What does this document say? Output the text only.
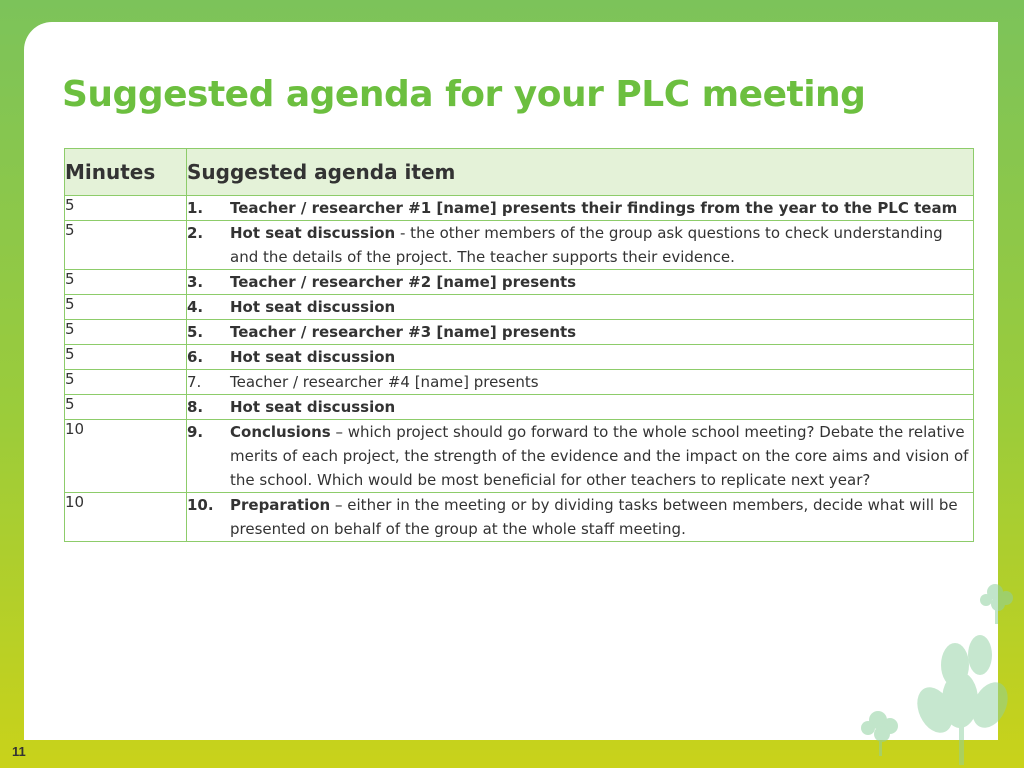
Suggested agenda for your PLC meeting
Minutes	Suggested agenda item
5	1. Teacher / researcher #1 [name] presents their findings from the year to the PLC team

5	2. Hot seat discussion - the other members of the group ask questions to check understanding and the details of the project. The teacher supports their evidence.

5	3. Teacher / researcher #2 [name] presents

5	4. Hot seat discussion

5	5. Teacher / researcher #3 [name] presents

5	6. Hot seat discussion

5	7. Teacher / researcher #4 [name] presents

5	8. Hot seat discussion

10	9. Conclusions – which project should go forward to the whole school meeting? Debate the relative merits of each project, the strength of the evidence and the impact on the core aims and vision of the school. Which would be most beneficial for other teachers to replicate next year?

10	10. Preparation – either in the meeting or by dividing tasks between members, decide what will be presented on behalf of the group at the whole staff meeting.
11
